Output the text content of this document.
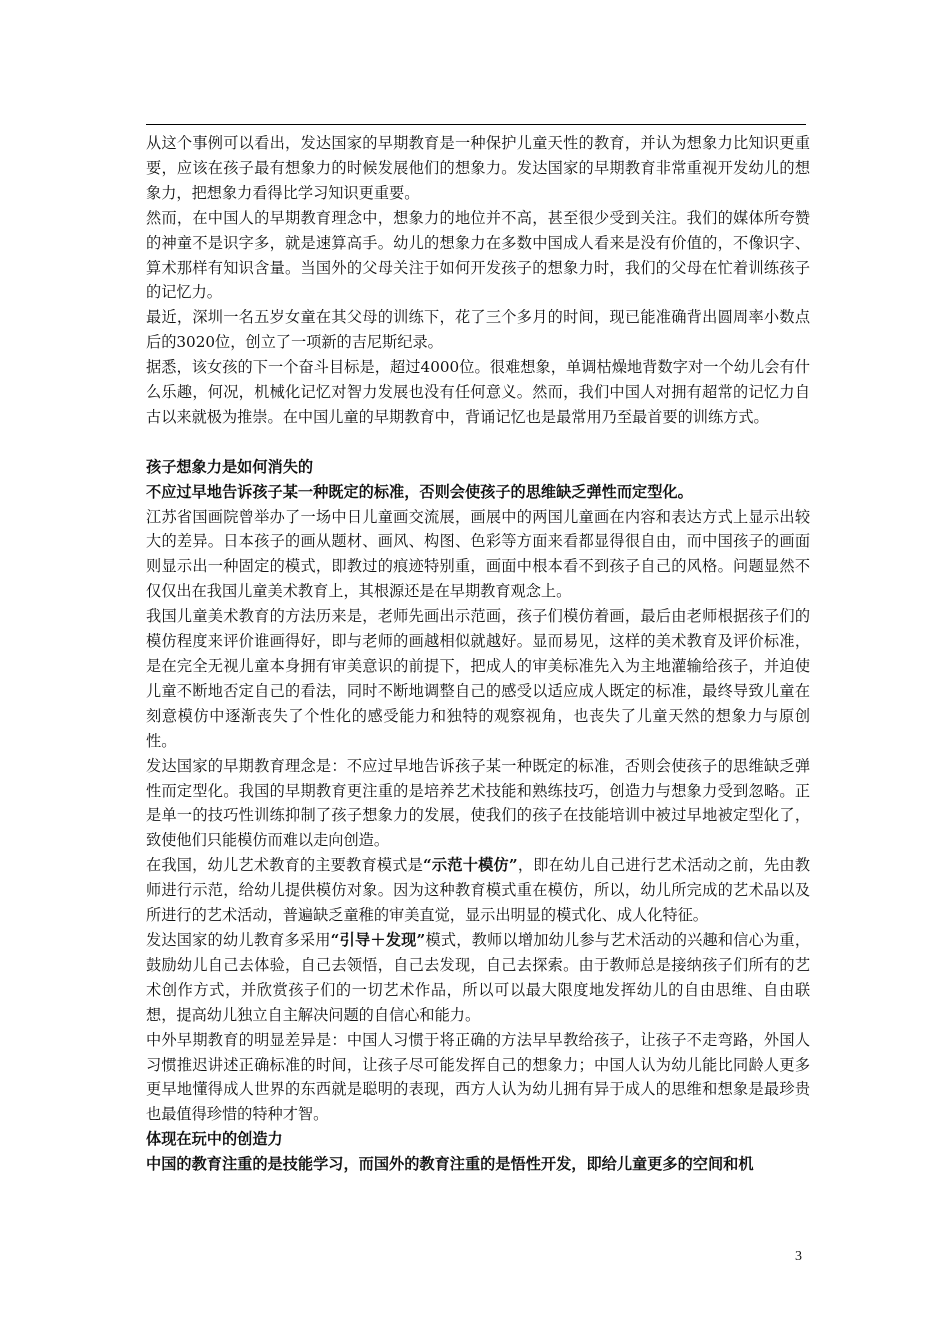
从这个事例可以看出，发达国家的早期教育是一种保护儿童天性的教育，并认为想象力比知识更重要，应该在孩子最有想象力的时候发展他们的想象力。发达国家的早期教育非常重视开发幼儿的想象力，把想象力看得比学习知识更重要。

然而，在中国人的早期教育理念中，想象力的地位并不高，甚至很少受到关注。我们的媒体所夸赞的神童不是识字多，就是速算高手。幼儿的想象力在多数中国成人看来是没有价值的，不像识字、算术那样有知识含量。当国外的父母关注于如何开发孩子的想象力时，我们的父母在忙着训练孩子的记忆力。

最近，深圳一名五岁女童在其父母的训练下，花了三个多月的时间，现已能准确背出圆周率小数点后的3020位，创立了一项新的吉尼斯纪录。

据悉，该女孩的下一个奋斗目标是，超过4000位。很难想象，单调枯燥地背数字对一个幼儿会有什么乐趣，何况，机械化记忆对智力发展也没有任何意义。然而，我们中国人对拥有超常的记忆力自古以来就极为推崇。在中国儿童的早期教育中，背诵记忆也是最常用乃至最首要的训练方式。

孩子想象力是如何消失的

不应过早地告诉孩子某一种既定的标准，否则会使孩子的思维缺乏弹性而定型化。

江苏省国画院曾举办了一场中日儿童画交流展，画展中的两国儿童画在内容和表达方式上显示出较大的差异。日本孩子的画从题材、画风、构图、色彩等方面来看都显得很自由，而中国孩子的画面则显示出一种固定的模式，即教过的痕迹特别重，画面中根本看不到孩子自己的风格。问题显然不仅仅出在我国儿童美术教育上，其根源还是在早期教育观念上。

我国儿童美术教育的方法历来是，老师先画出示范画，孩子们模仿着画，最后由老师根据孩子们的模仿程度来评价谁画得好，即与老师的画越相似就越好。显而易见，这样的美术教育及评价标准，是在完全无视儿童本身拥有审美意识的前提下，把成人的审美标准先入为主地灌输给孩子，并迫使儿童不断地否定自己的看法，同时不断地调整自己的感受以适应成人既定的标准，最终导致儿童在刻意模仿中逐渐丧失了个性化的感受能力和独特的观察视角，也丧失了儿童天然的想象力与原创性。

发达国家的早期教育理念是：不应过早地告诉孩子某一种既定的标准，否则会使孩子的思维缺乏弹性而定型化。我国的早期教育更注重的是培养艺术技能和熟练技巧，创造力与想象力受到忽略。正是单一的技巧性训练抑制了孩子想象力的发展，使我们的孩子在技能培训中被过早地被定型化了，致使他们只能模仿而难以走向创造。

在我国，幼儿艺术教育的主要教育模式是“示范十模仿”，即在幼儿自己进行艺术活动之前，先由教师进行示范，给幼儿提供模仿对象。因为这种教育模式重在模仿，所以，幼儿所完成的艺术品以及所进行的艺术活动，普遍缺乏童稚的审美直觉，显示出明显的模式化、成人化特征。

发达国家的幼儿教育多采用“引导＋发现”模式，教师以增加幼儿参与艺术活动的兴趣和信心为重，鼓励幼儿自己去体验，自己去领悟，自己去发现，自己去探索。由于教师总是接纳孩子们所有的艺术创作方式，并欣赏孩子们的一切艺术作品，所以可以最大限度地发挥幼儿的自由思维、自由联想，提高幼儿独立自主解决问题的自信心和能力。

中外早期教育的明显差异是：中国人习惯于将正确的方法早早教给孩子，让孩子不走弯路，外国人习惯推迟讲述正确标准的时间，让孩子尽可能发挥自己的想象力；中国人认为幼儿能比同龄人更多更早地懂得成人世界的东西就是聪明的表现，西方人认为幼儿拥有异于成人的思维和想象是最珍贵也最值得珍惜的特种才智。

体现在玩中的创造力

中国的教育注重的是技能学习，而国外的教育注重的是悟性开发，即给儿童更多的空间和机

3
